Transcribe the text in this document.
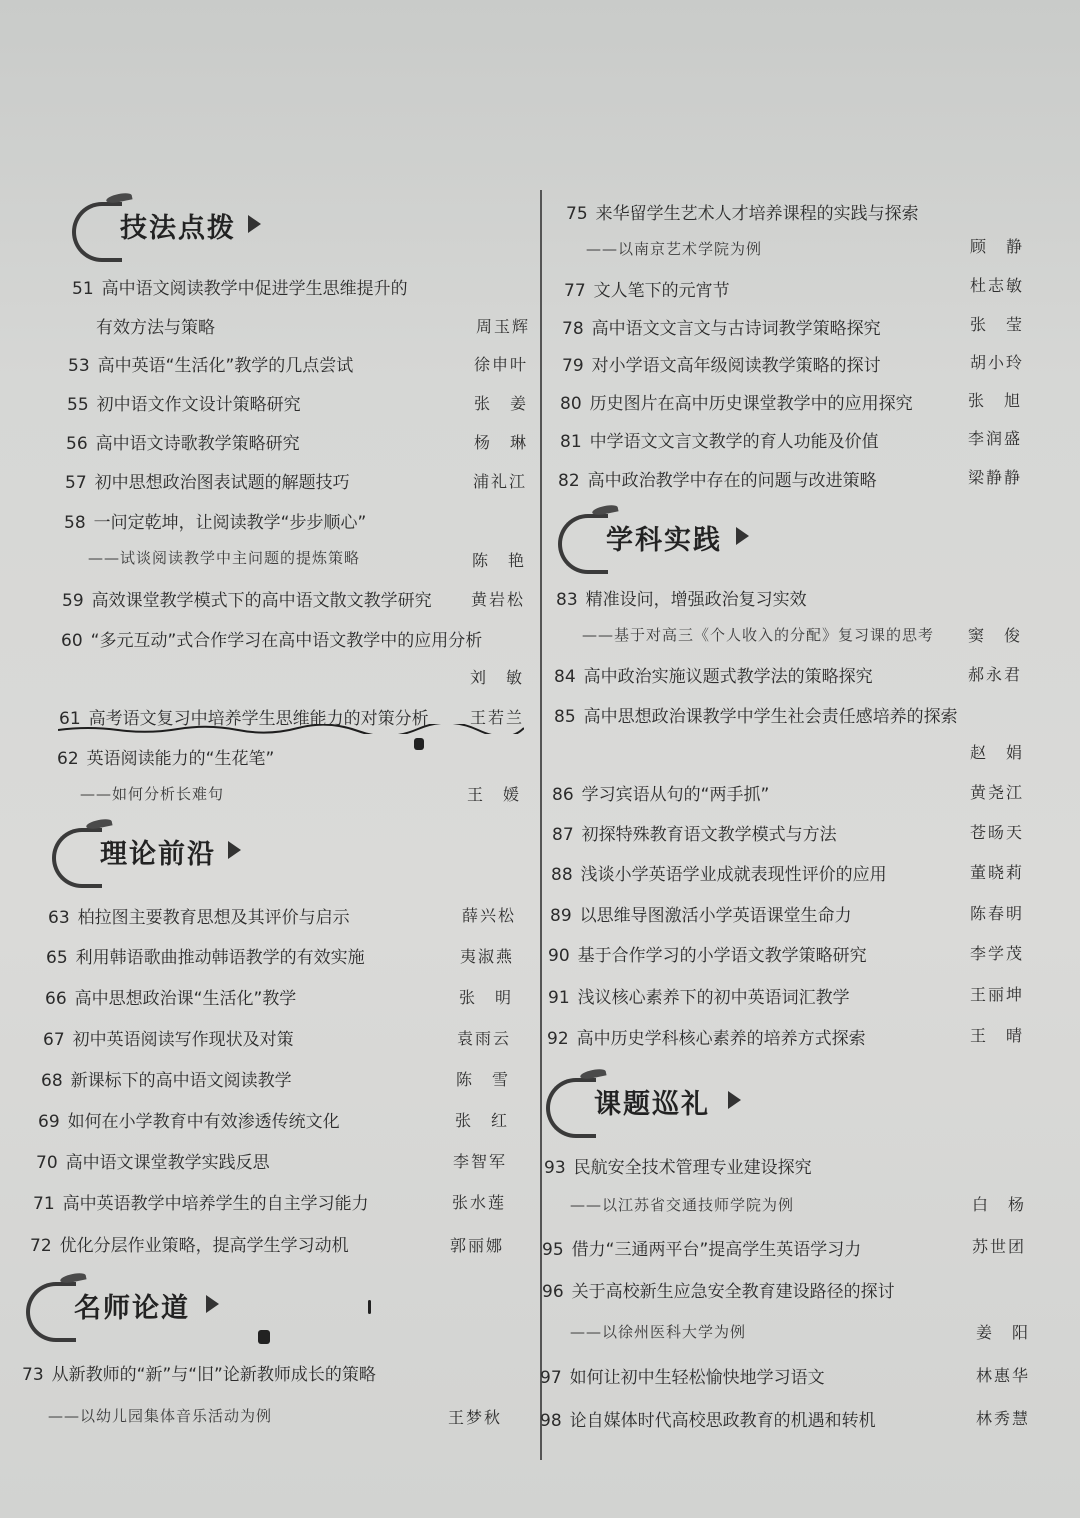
技法点拨
51 高中语文阅读教学中促进学生思维提升的
有效方法与策略	周玉辉
53 高中英语“生活化”教学的几点尝试	徐申叶
55 初中语文作文设计策略研究	张　姜
56 高中语文诗歌教学策略研究	杨　琳
57 初中思想政治图表试题的解题技巧	浦礼江
58 一问定乾坤，让阅读教学“步步顺心”
——试谈阅读教学中主问题的提炼策略	陈　艳
59 高效课堂教学模式下的高中语文散文教学研究 黄岩松
60 “多元互动”式合作学习在高中语文教学中的应用分析
刘　敏
61 高考语文复习中培养学生思维能力的对策分析	王若兰
62 英语阅读能力的“生花笔”
——如何分析长难句	王　媛
理论前沿
63 柏拉图主要教育思想及其评价与启示	薛兴松
65 利用韩语歌曲推动韩语教学的有效实施	夷淑燕
66 高中思想政治课“生活化”教学	张　明
67 初中英语阅读写作现状及对策	袁雨云
68 新课标下的高中语文阅读教学	陈　雪
69 如何在小学教育中有效渗透传统文化	张　红
70 高中语文课堂教学实践反思	李智军
71 高中英语教学中培养学生的自主学习能力	张水莲
72 优化分层作业策略，提高学生学习动机	郭丽娜
名师论道
73 从新教师的“新”与“旧”论新教师成长的策略
——以幼儿园集体音乐活动为例	王梦秋
75 来华留学生艺术人才培养课程的实践与探索
——以南京艺术学院为例	顾　静
77 文人笔下的元宵节	杜志敏
78 高中语文文言文与古诗词教学策略探究	张　莹
79 对小学语文高年级阅读教学策略的探讨	胡小玲
80 历史图片在高中历史课堂教学中的应用探究	张　旭
81 中学语文文言文教学的育人功能及价值	李润盛
82 高中政治教学中存在的问题与改进策略	梁静静
学科实践
83 精准设问，增强政治复习实效
——基于对高三《个人收入的分配》复习课的思考 窦　俊
84 高中政治实施议题式教学法的策略探究	郝永君
85 高中思想政治课教学中学生社会责任感培养的探索
赵　娟
86 学习宾语从句的“两手抓”	黄尧江
87 初探特殊教育语文教学模式与方法	苍旸天
88 浅谈小学英语学业成就表现性评价的应用	董晓莉
89 以思维导图激活小学英语课堂生命力	陈春明
90 基于合作学习的小学语文教学策略研究	李学茂
91 浅议核心素养下的初中英语词汇教学	王丽坤
92 高中历史学科核心素养的培养方式探索	王　晴
课题巡礼
93 民航安全技术管理专业建设探究
——以江苏省交通技师学院为例	白　杨
95 借力“三通两平台”提高学生英语学习力	苏世团
96 关于高校新生应急安全教育建设路径的探讨
——以徐州医科大学为例	姜　阳
97 如何让初中生轻松愉快地学习语文	林惠华
98 论自媒体时代高校思政教育的机遇和转机	林秀慧
